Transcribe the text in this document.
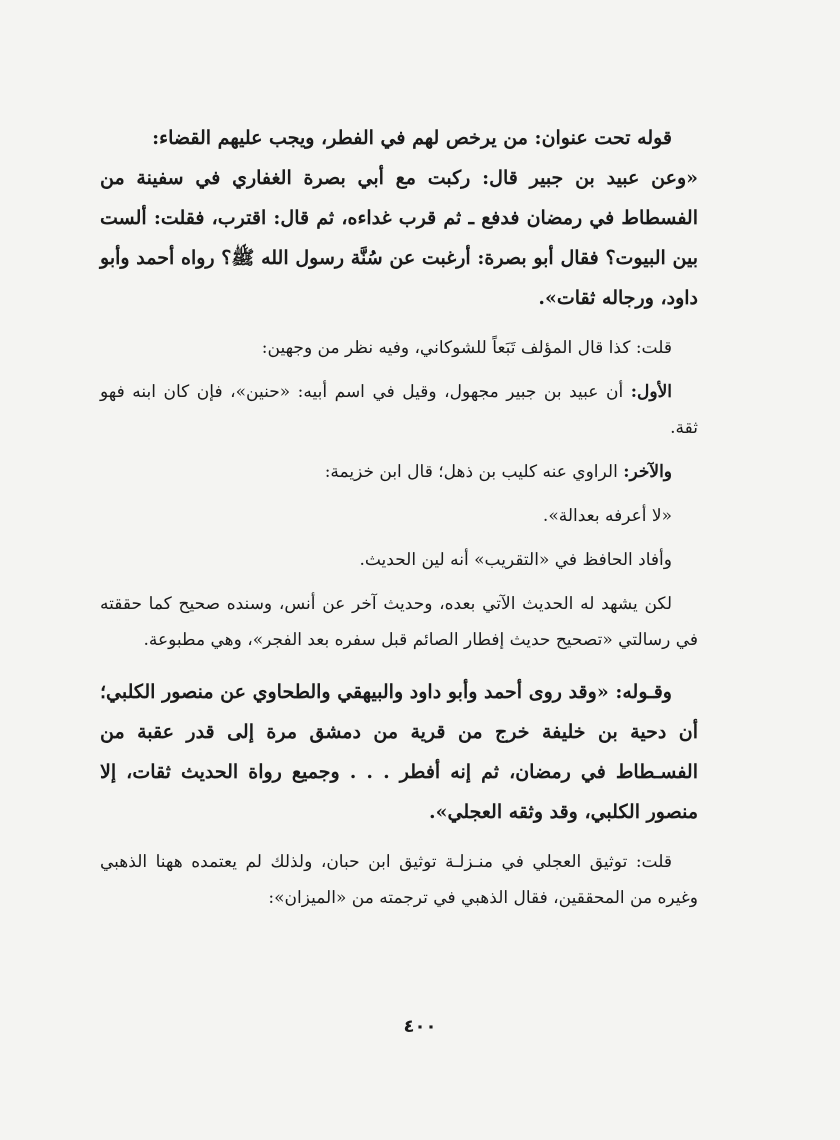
قوله تحت عنوان: من يرخص لهم في الفطر، ويجب عليهم القضاء:

«وعن عبيد بن جبير قال: ركبت مع أبي بصرة الغفاري في سفينة من الفسطاط في رمضان فدفع ـ ثم قرب غداءه، ثم قال: اقترب، فقلت: ألست بين البيوت؟ فقال أبو بصرة: أرغبت عن سُنَّة رسول الله ﷺ؟ رواه أحمد وأبو داود، ورجاله ثقات».

قلت: كذا قال المؤلف تَبَعاً للشوكاني، وفيه نظر من وجهين:

الأول: أن عبيد بن جبير مجهول، وقيل في اسم أبيه: «حنين»، فإن كان ابنه فهو ثقة.

والآخر: الراوي عنه كليب بن ذهل؛ قال ابن خزيمة:

«لا أعرفه بعدالة».

وأفاد الحافظ في «التقريب» أنه لين الحديث.

لكن يشهد له الحديث الآتي بعده، وحديث آخر عن أنس، وسنده صحيح كما حققته في رسالتي «تصحيح حديث إفطار الصائم قبل سفره بعد الفجر»، وهي مطبوعة.

وقـوله: «وقد روى أحمد وأبو داود والبيهقي والطحاوي عن منصور الكلبي؛ أن دحية بن خليفة خرج من قرية من دمشق مرة إلى قدر عقبة من الفسـطاط في رمضان، ثم إنه أفطر . . . وجميع رواة الحديث ثقات، إلا منصور الكلبي، وقد وثقه العجلي».

قلت: توثيق العجلي في منـزلـة توثيق ابن حبان، ولذلك لم يعتمده ههنا الذهبي وغيره من المحققين، فقال الذهبي في ترجمته من «الميزان»:

٤٠٠
